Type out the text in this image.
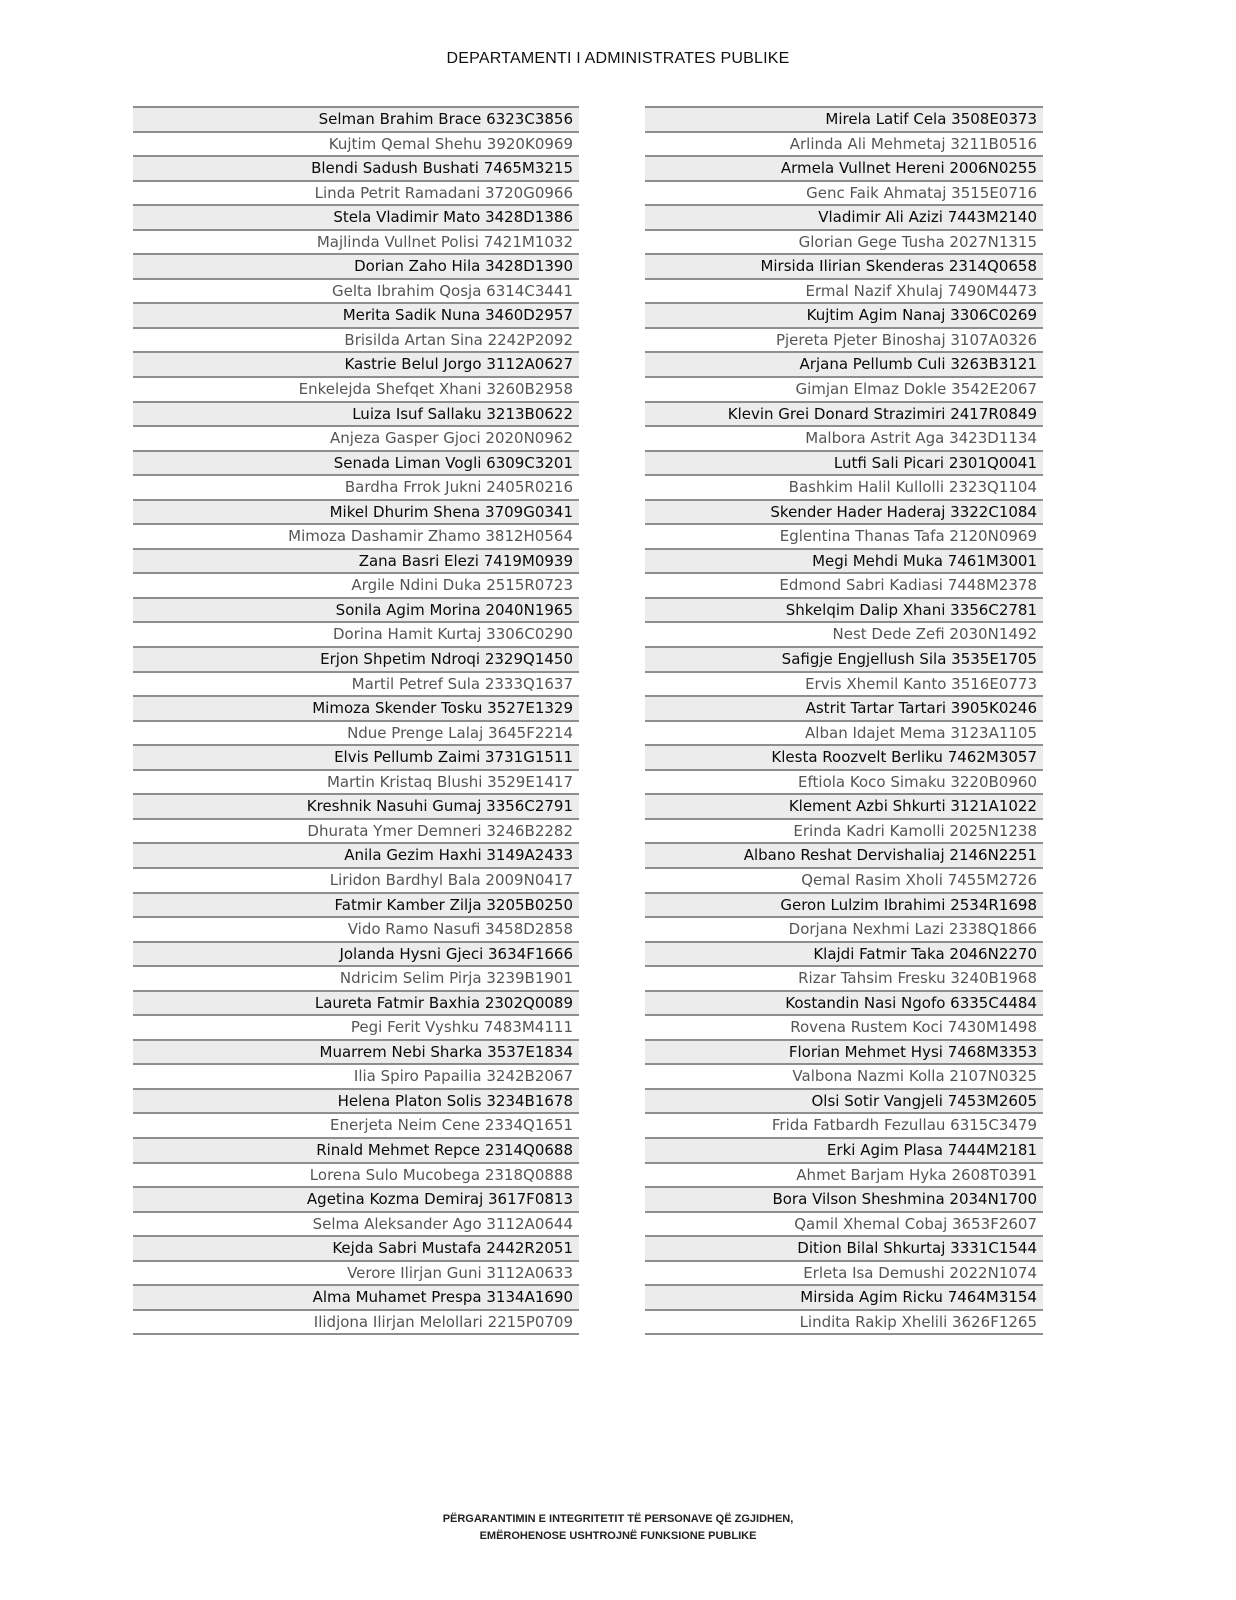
DEPARTAMENTI I ADMINISTRATES PUBLIKE
Selman Brahim Brace 6323C3856
Kujtim Qemal Shehu 3920K0969
Blendi Sadush Bushati 7465M3215
Linda Petrit Ramadani 3720G0966
Stela Vladimir Mato 3428D1386
Majlinda Vullnet Polisi 7421M1032
Dorian Zaho Hila 3428D1390
Gelta Ibrahim Qosja 6314C3441
Merita Sadik Nuna 3460D2957
Brisilda Artan Sina 2242P2092
Kastrie Belul Jorgo 3112A0627
Enkelejda Shefqet Xhani 3260B2958
Luiza Isuf Sallaku 3213B0622
Anjeza Gasper Gjoci 2020N0962
Senada Liman Vogli 6309C3201
Bardha Frrok Jukni 2405R0216
Mikel Dhurim Shena 3709G0341
Mimoza Dashamir Zhamo 3812H0564
Zana Basri Elezi 7419M0939
Argile Ndini Duka 2515R0723
Sonila Agim Morina 2040N1965
Dorina Hamit Kurtaj 3306C0290
Erjon Shpetim Ndroqi 2329Q1450
Martil Petref Sula 2333Q1637
Mimoza Skender Tosku 3527E1329
Ndue Prenge Lalaj 3645F2214
Elvis Pellumb Zaimi 3731G1511
Martin Kristaq Blushi 3529E1417
Kreshnik Nasuhi Gumaj 3356C2791
Dhurata Ymer Demneri 3246B2282
Anila Gezim Haxhi 3149A2433
Liridon Bardhyl Bala 2009N0417
Fatmir Kamber Zilja 3205B0250
Vido Ramo Nasufi 3458D2858
Jolanda Hysni Gjeci 3634F1666
Ndricim Selim Pirja 3239B1901
Laureta Fatmir Baxhia 2302Q0089
Pegi Ferit Vyshku 7483M4111
Muarrem Nebi Sharka 3537E1834
Ilia Spiro Papailia 3242B2067
Helena Platon Solis 3234B1678
Enerjeta Neim Cene 2334Q1651
Rinald Mehmet Repce 2314Q0688
Lorena Sulo Mucobega 2318Q0888
Agetina Kozma Demiraj 3617F0813
Selma Aleksander Ago 3112A0644
Kejda Sabri Mustafa 2442R2051
Verore Ilirjan Guni 3112A0633
Alma Muhamet Prespa 3134A1690
Ilidjona Ilirjan Melollari 2215P0709
Mirela Latif Cela 3508E0373
Arlinda Ali Mehmetaj 3211B0516
Armela Vullnet Hereni 2006N0255
Genc Faik Ahmataj 3515E0716
Vladimir Ali Azizi 7443M2140
Glorian Gege Tusha 2027N1315
Mirsida Ilirian Skenderas 2314Q0658
Ermal Nazif Xhulaj 7490M4473
Kujtim Agim Nanaj 3306C0269
Pjereta Pjeter Binoshaj 3107A0326
Arjana Pellumb Culi 3263B3121
Gimjan Elmaz Dokle 3542E2067
Klevin Grei Donard Strazimiri 2417R0849
Malbora Astrit Aga 3423D1134
Lutfi Sali Picari 2301Q0041
Bashkim Halil Kullolli 2323Q1104
Skender Hader Haderaj 3322C1084
Eglentina Thanas Tafa 2120N0969
Megi Mehdi Muka 7461M3001
Edmond Sabri Kadiasi 7448M2378
Shkelqim Dalip Xhani 3356C2781
Nest Dede Zefi 2030N1492
Safigje Engjellush Sila 3535E1705
Ervis Xhemil Kanto 3516E0773
Astrit Tartar Tartari 3905K0246
Alban Idajet Mema 3123A1105
Klesta Roozvelt Berliku 7462M3057
Eftiola Koco Simaku 3220B0960
Klement Azbi Shkurti 3121A1022
Erinda Kadri Kamolli 2025N1238
Albano Reshat Dervishaliaj 2146N2251
Qemal Rasim Xholi 7455M2726
Geron Lulzim Ibrahimi 2534R1698
Dorjana Nexhmi Lazi 2338Q1866
Klajdi Fatmir Taka 2046N2270
Rizar Tahsim Fresku 3240B1968
Kostandin Nasi Ngofo 6335C4484
Rovena Rustem Koci 7430M1498
Florian Mehmet Hysi 7468M3353
Valbona Nazmi Kolla 2107N0325
Olsi Sotir Vangjeli 7453M2605
Frida Fatbardh Fezullau 6315C3479
Erki Agim Plasa 7444M2181
Ahmet Barjam Hyka 2608T0391
Bora Vilson Sheshmina 2034N1700
Qamil Xhemal Cobaj 3653F2607
Dition Bilal Shkurtaj 3331C1544
Erleta Isa Demushi 2022N1074
Mirsida Agim Ricku 7464M3154
Lindita Rakip Xhelili 3626F1265
PËRGARANTIMIN E INTEGRITETIT TË PERSONAVE QË ZGJIDHEN,
EMËROHENOSE USHTROJNË FUNKSIONE PUBLIKE
